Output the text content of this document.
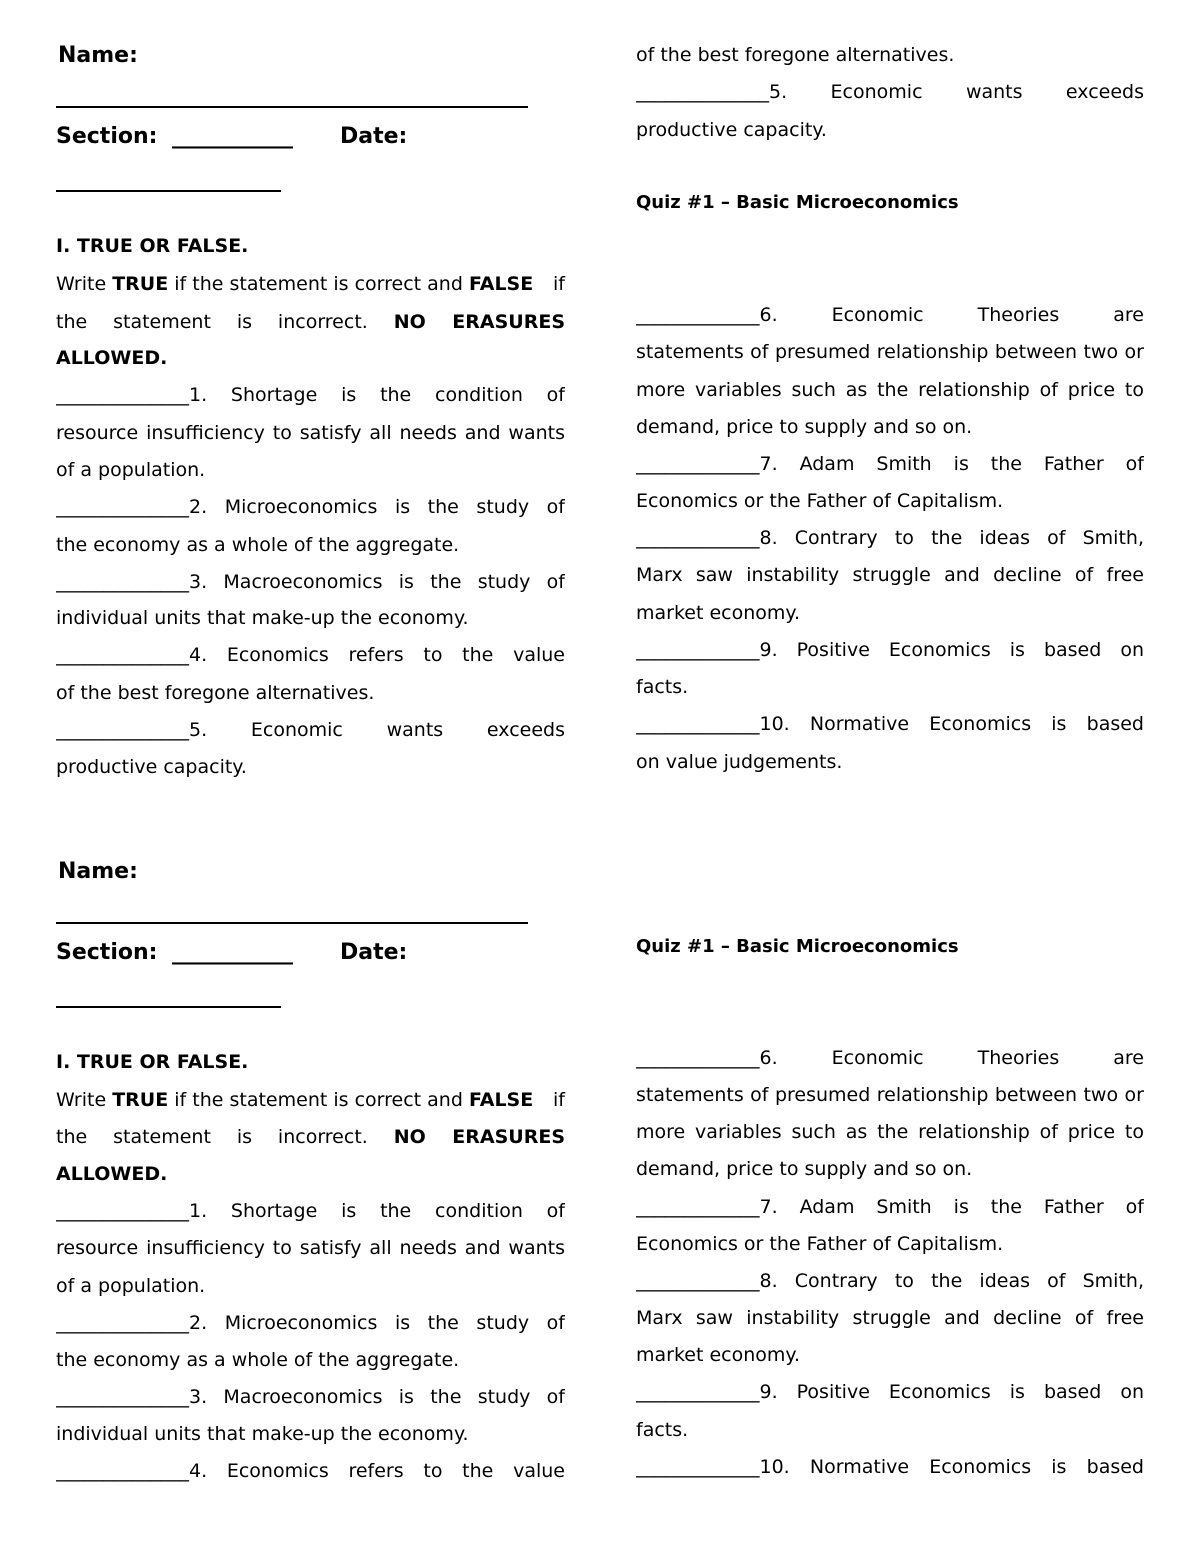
Name:
Section: ___________ Date:
I. TRUE OR FALSE.
Write TRUE if the statement is correct and FALSE if
the statement is incorrect. NO ERASURES
ALLOWED.
______________1. Shortage is the condition of
resource insufficiency to satisfy all needs and wants
of a population.
______________2. Microeconomics is the study of
the economy as a whole of the aggregate.
______________3. Macroeconomics is the study of
individual units that make-up the economy.
______________4. Economics refers to the value
of the best foregone alternatives.
______________5. Economic wants exceeds
productive capacity.
of the best foregone alternatives.
______________5. Economic wants exceeds
productive capacity.
Quiz #1 – Basic Microeconomics
_____________6. Economic Theories are
statements of presumed relationship between two or
more variables such as the relationship of price to
demand, price to supply and so on.
_____________7. Adam Smith is the Father of
Economics or the Father of Capitalism.
_____________8. Contrary to the ideas of Smith,
Marx saw instability struggle and decline of free
market economy.
_____________9. Positive Economics is based on
facts.
_____________10. Normative Economics is based
on value judgements.
Name:
Section: ___________ Date:
I. TRUE OR FALSE.
Write TRUE if the statement is correct and FALSE if
the statement is incorrect. NO ERASURES
ALLOWED.
______________1. Shortage is the condition of
resource insufficiency to satisfy all needs and wants
of a population.
______________2. Microeconomics is the study of
the economy as a whole of the aggregate.
______________3. Macroeconomics is the study of
individual units that make-up the economy.
______________4. Economics refers to the value
Quiz #1 – Basic Microeconomics
_____________6. Economic Theories are
statements of presumed relationship between two or
more variables such as the relationship of price to
demand, price to supply and so on.
_____________7. Adam Smith is the Father of
Economics or the Father of Capitalism.
_____________8. Contrary to the ideas of Smith,
Marx saw instability struggle and decline of free
market economy.
_____________9. Positive Economics is based on
facts.
_____________10. Normative Economics is based
